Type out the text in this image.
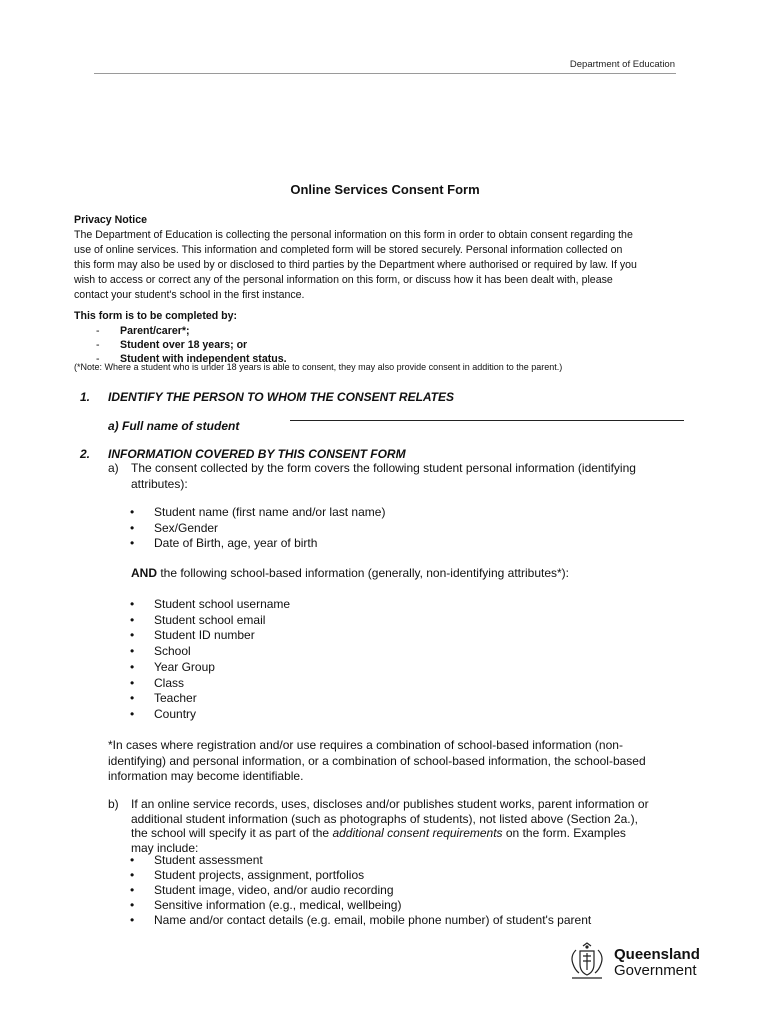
Department of Education
Online Services Consent Form
Privacy Notice
The Department of Education is collecting the personal information on this form in order to obtain consent regarding the
use of online services. This information and completed form will be stored securely. Personal information collected on
this form may also be used by or disclosed to third parties by the Department where authorised or required by law. If you
wish to access or correct any of the personal information on this form, or discuss how it has been dealt with, please
contact your student's school in the first instance.
This form is to be completed by:
- Parent/carer*;
- Student over 18 years; or
- Student with independent status.
(*Note: Where a student who is under 18 years is able to consent, they may also provide consent in addition to the parent.)
1. IDENTIFY THE PERSON TO WHOM THE CONSENT RELATES
a) Full name of student
2. INFORMATION COVERED BY THIS CONSENT FORM
a) The consent collected by the form covers the following student personal information (identifying
attributes):
• Student name (first name and/or last name)
• Sex/Gender
• Date of Birth, age, year of birth
AND the following school-based information (generally, non-identifying attributes*):
• Student school username
• Student school email
• Student ID number
• School
• Year Group
• Class
• Teacher
• Country
*In cases where registration and/or use requires a combination of school-based information (non-
identifying) and personal information, or a combination of school-based information, the school-based
information may become identifiable.
b) If an online service records, uses, discloses and/or publishes student works, parent information or
additional student information (such as photographs of students), not listed above (Section 2a.),
the school will specify it as part of the additional consent requirements on the form. Examples
may include:
• Student assessment
• Student projects, assignment, portfolios
• Student image, video, and/or audio recording
• Sensitive information (e.g., medical, wellbeing)
• Name and/or contact details (e.g. email, mobile phone number) of student's parent
Queensland
Government
